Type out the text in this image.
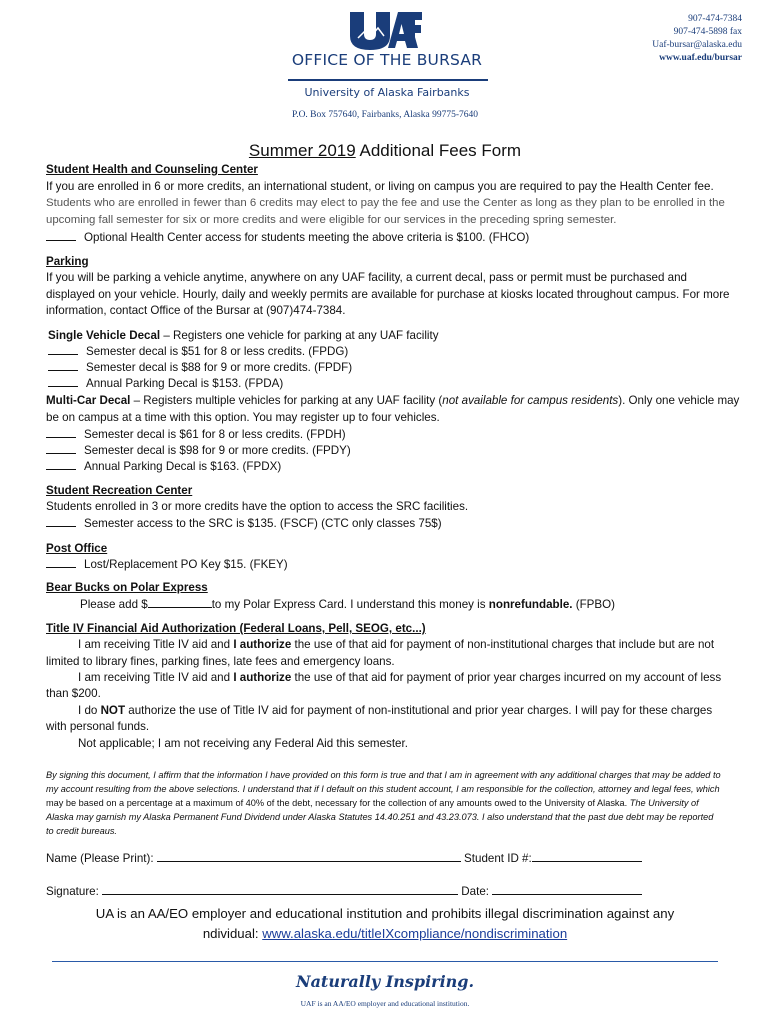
OFFICE OF THE BURSAR
University of Alaska Fairbanks
P.O. Box 757640, Fairbanks, Alaska 99775-7640
907-474-7384
907-474-5898 fax
Uaf-bursar@alaska.edu
www.uaf.edu/bursar
Summer 2019 Additional Fees Form
Student Health and Counseling Center
If you are enrolled in 6 or more credits, an international student, or living on campus you are required to pay the Health Center fee.
Students who are enrolled in fewer than 6 credits may elect to pay the fee and use the Center as long as they plan to be enrolled in the
upcoming fall semester for six or more credits and were eligible for our services in the preceding spring semester.
Optional Health Center access for students meeting the above criteria is $100. (FHCO)
Parking
If you will be parking a vehicle anytime, anywhere on any UAF facility, a current decal, pass or permit must be purchased and
displayed on your vehicle. Hourly, daily and weekly permits are available for purchase at kiosks located throughout campus. For more
information, contact Office of the Bursar at (907)474-7384.
Single Vehicle Decal – Registers one vehicle for parking at any UAF facility
Semester decal is $51 for 8 or less credits. (FPDG)
Semester decal is $88 for 9 or more credits. (FPDF)
Annual Parking Decal is $153. (FPDA)
Multi-Car Decal – Registers multiple vehicles for parking at any UAF facility (not available for campus residents). Only one vehicle may
be on campus at a time with this option. You may register up to four vehicles.
Semester decal is $61 for 8 or less credits. (FPDH)
Semester decal is $98 for 9 or more credits. (FPDY)
Annual Parking Decal is $163. (FPDX)
Student Recreation Center
Students enrolled in 3 or more credits have the option to access the SRC facilities.
Semester access to the SRC is $135. (FSCF) (CTC only classes 75$)
Post Office
Lost/Replacement PO Key $15. (FKEY)
Bear Bucks on Polar Express
Please add $	to my Polar Express Card. I understand this money is nonrefundable. (FPBO)
Title IV Financial Aid Authorization (Federal Loans, Pell, SEOG, etc...)
I am receiving Title IV aid and I authorize the use of that aid for payment of non-institutional charges that include but are not
limited to library fines, parking fines, late fees and emergency loans.
I am receiving Title IV aid and I authorize the use of that aid for payment of prior year charges incurred on my account of less
than $200.
I do NOT authorize the use of Title IV aid for payment of non-institutional and prior year charges. I will pay for these charges
with personal funds.
Not applicable; I am not receiving any Federal Aid this semester.
By signing this document, I affirm that the information I have provided on this form is true and that I am in agreement with any additional charges that may be added to
my account resulting from the above selections. I understand that if I default on this student account, I am responsible for the collection, attorney and legal fees, which
may be based on a percentage at a maximum of 40% of the debt, necessary for the collection of any amounts owed to the University of Alaska. The University of
Alaska may garnish my Alaska Permanent Fund Dividend under Alaska Statutes 14.40.251 and 43.23.073. I also understand that the past due debt may be reported
to credit bureaus.
Name (Please Print):	Student ID #:
Signature:	Date:
UA is an AA/EO employer and educational institution and prohibits illegal discrimination against any
ndividual: www.alaska.edu/titleIXcompliance/nondiscrimination
Naturally Inspiring.
UAF is an AA/EO employer and educational institution.
